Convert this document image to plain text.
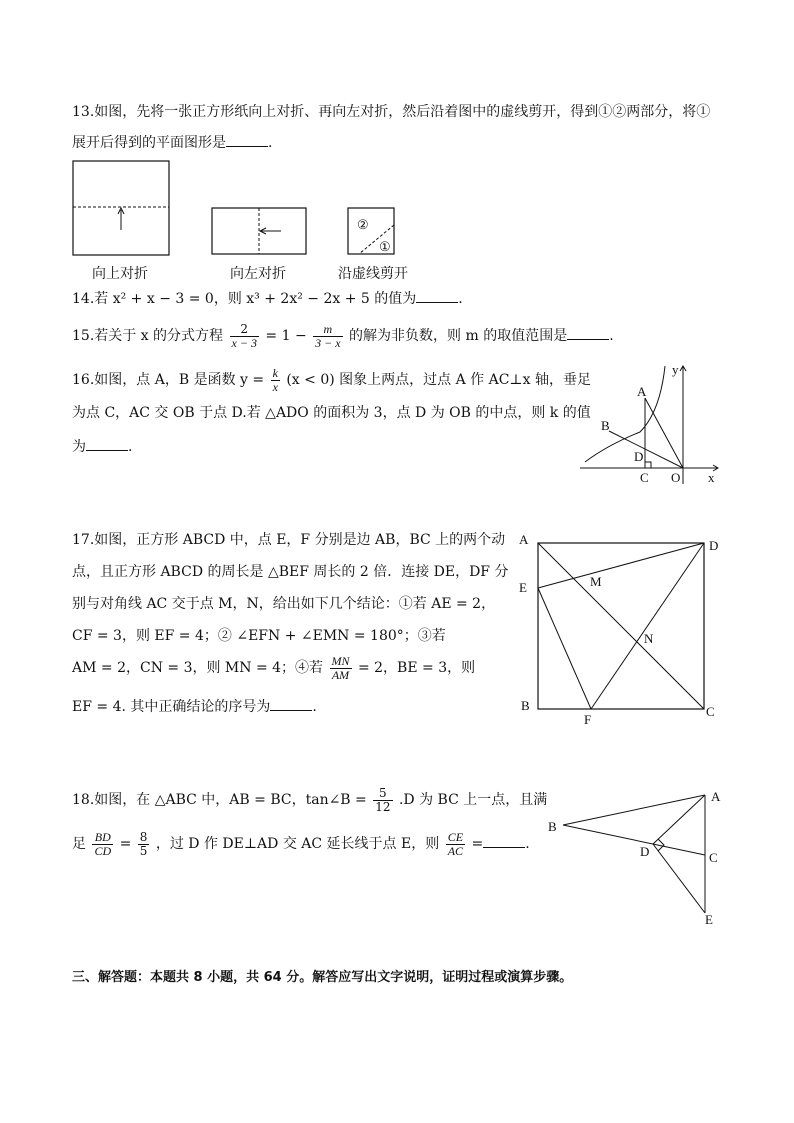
13.如图，先将一张正方形纸向上对折、再向左对折，然后沿着图中的虚线剪开，得到①②两部分，将①
展开后得到的平面图形是	.
向上对折	向左对折
②
①
沿虚线剪开
14.若 x² + x − 3 = 0，则 x³ + 2x² − 2x + 5 的值为	.
15.若关于 x 的分式方程 $\frac{2}{x - 3} = 1 - \frac{m}{3 - x}$ 的解为非负数，则 m 的取值范围是	.
16.如图，点 A，B 是函数 $y = \frac{k}{x} (x < 0)$ 图象上两点，过点 A 作 AC⊥x 轴，垂足
为点 C，AC 交 OB 于点 D.若 △ADO 的面积为 3，点 D 为 OB 的中点，则 k 的值
为	.
A
B
D
C O x
y
17.如图，正方形 ABCD 中，点 E，F 分别是边 AB，BC 上的两个动
点，且正方形 ABCD 的周长是 △BEF 周长的 2 倍．连接 DE，DF 分
别与对角线 AC 交于点 M，N，给出如下几个结论：①若 AE = 2，
CF = 3，则 EF = 4；② ∠EFN + ∠EMN = 180°；③若
AM = 2，CN = 3，则 MN = 4；④若 $\frac{MN}{AM} = 2$，BE = 3，则
EF = 4. 其中正确结论的序号为	.
A	D
E	M
N
B
F
C
18.如图，在 △ABC 中，AB = BC，tan∠B = $\frac{5}{12} .D$ 为 BC 上一点，且满
足 $\frac{BD}{CD} = \frac{8}{5}$ ，过 D 作 DE⊥AD 交 AC 延长线于点 E，则 $\frac{CE}{AC}$ =	.
A
B
D	C
E
三、解答题：本题共 8 小题，共 64 分。解答应写出文字说明，证明过程或演算步骤。
